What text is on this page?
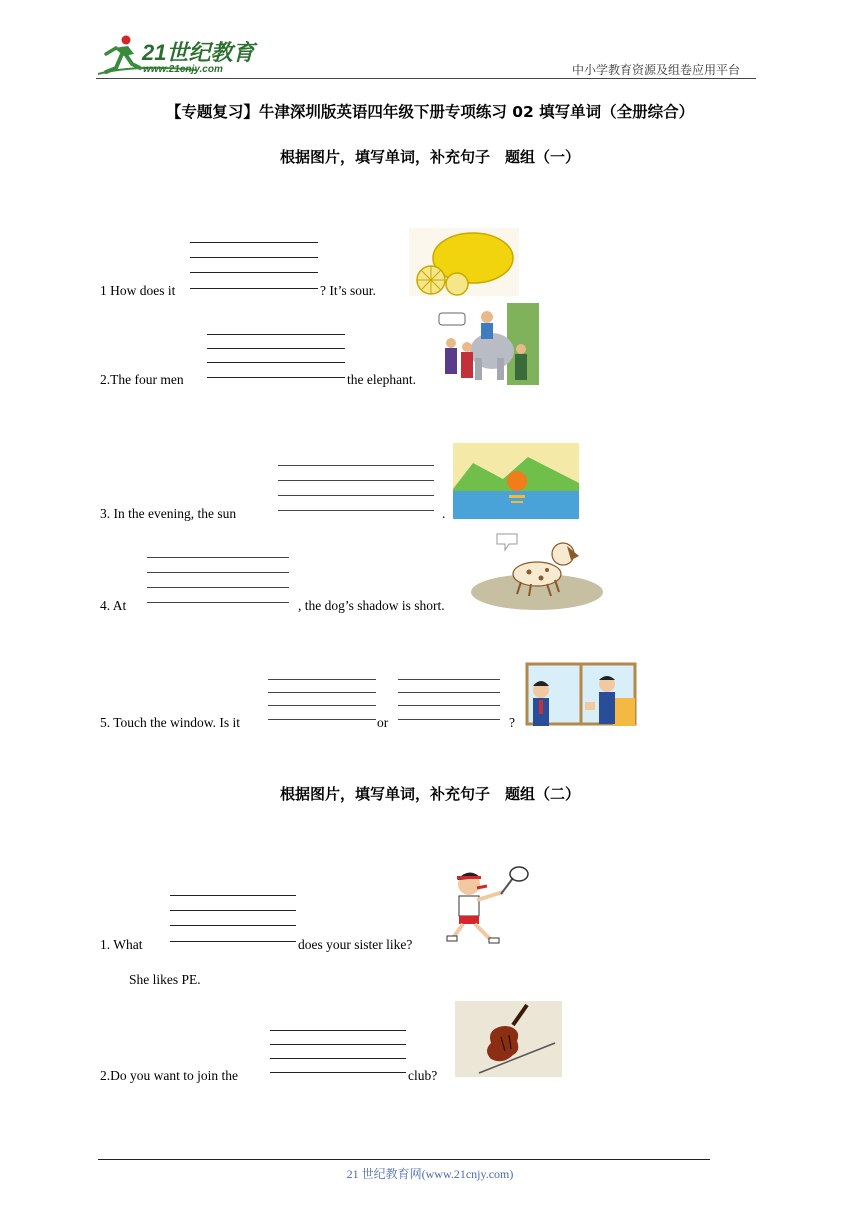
21世纪教育
www.21cnjy.com	中小学教育资源及组卷应用平台
【专题复习】牛津深圳版英语四年级下册专项练习 02 填写单词（全册综合）
根据图片，填写单词，补充句子　题组（一）
1 How does it	? It’s sour.
2.The four men	the elephant.
3. In the evening, the sun	.
4. At	, the dog’s shadow is short.
5. Touch the window. Is it	or	?
根据图片，填写单词，补充句子　题组（二）
1. What	does your sister like?
She likes PE.
2.Do you want to join the	club?
21 世纪教育网(www.21cnjy.com)
